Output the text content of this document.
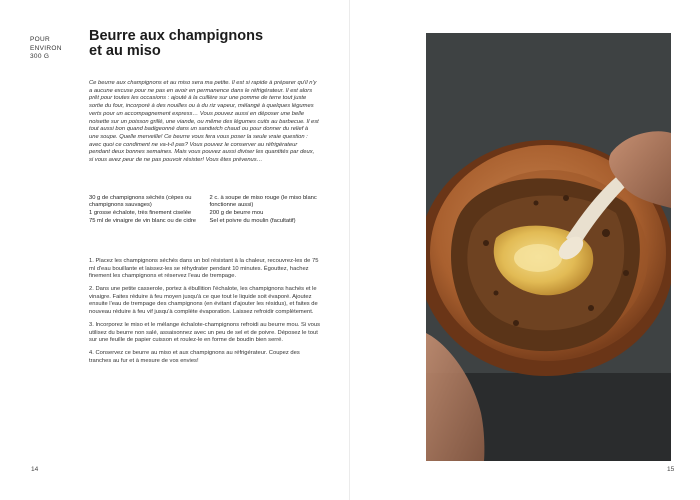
POUR
ENVIRON
300 G
Beurre aux champignons
et au miso

Ce beurre aux champignons et au miso sera ma petite. Il est si rapide à préparer qu'il n'y a aucune excuse pour ne pas en avoir en permanence dans le réfrigérateur. Il est alors prêt pour toutes les occasions : ajouté à la cuillère sur une pomme de terre tout juste sortie du four, incorporé à des nouilles ou à du riz vapeur, mélangé à quelques légumes verts pour un accompagnement express… Vous pouvez aussi en déposer une belle noisette sur un poisson grillé, une viande, ou même des légumes cuits au barbecue. Il est tout aussi bon quand badigeonné dans un sandwich chaud ou pour donner du relief à une soupe. Quelle merveille! Ce beurre vous fera vous poser la seule vraie question : avec quoi ce condiment ne va-t-il pas? Vous pouvez le conserver au réfrigérateur pendant deux bonnes semaines. Mais vous pouvez aussi diviser les quantités par deux, si vous avez peur de ne pas pouvoir résister! Vous êtes prévenus…

30 g de champignons séchés (cèpes ou champignons sauvages)
1 grosse échalote, très finement ciselée
75 ml de vinaigre de vin blanc ou de cidre
2 c. à soupe de miso rouge (le miso blanc fonctionne aussi)
200 g de beurre mou
Sel et poivre du moulin (facultatif)

1. Placez les champignons séchés dans un bol résistant à la chaleur, recouvrez-les de 75 ml d'eau bouillante et laissez-les se réhydrater pendant 10 minutes. Égouttez, hachez finement les champignons et réservez l'eau de trempage.

2. Dans une petite casserole, portez à ébullition l'échalote, les champignons hachés et le vinaigre. Faites réduire à feu moyen jusqu'à ce que tout le liquide soit évaporé. Ajoutez ensuite l'eau de trempage des champignons (en évitant d'ajouter les résidus), et faites de nouveau réduire à feu vif jusqu'à complète évaporation. Laissez refroidir complètement.

3. Incorporez le miso et le mélange échalote-champignons refroidi au beurre mou. Si vous utilisez du beurre non salé, assaisonnez avec un peu de sel et de poivre. Déposez le tout sur une feuille de papier cuisson et roulez-le en forme de boudin bien serré.

4. Conservez ce beurre au miso et aux champignons au réfrigérateur. Coupez des tranches au fur et à mesure de vos envies!

14	15
